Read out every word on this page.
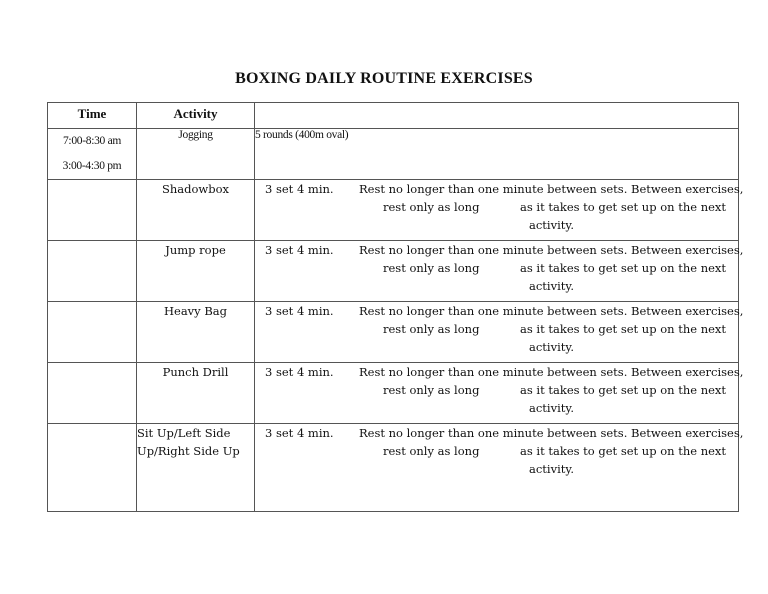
BOXING DAILY ROUTINE EXERCISES
Time	Activity	

7:00-8:30 am
3:00-4:30 pm	Jogging	5 rounds (400m oval)
	Shadowbox	3 set 4 min. Rest no longer than one minute between sets. Between exercises,
rest only as long as it takes to get set up on the next
activity.

	Jump rope	3 set 4 min. Rest no longer than one minute between sets. Between exercises,
rest only as long as it takes to get set up on the next
activity.

	Heavy Bag	3 set 4 min. Rest no longer than one minute between sets. Between exercises,
rest only as long as it takes to get set up on the next
activity.

	Punch Drill	3 set 4 min. Rest no longer than one minute between sets. Between exercises,
rest only as long as it takes to get set up on the next
activity.

	Sit Up/Left Side Up/Right Side Up	3 set 4 min. Rest no longer than one minute between sets. Between exercises,
rest only as long as it takes to get set up on the next
activity.
